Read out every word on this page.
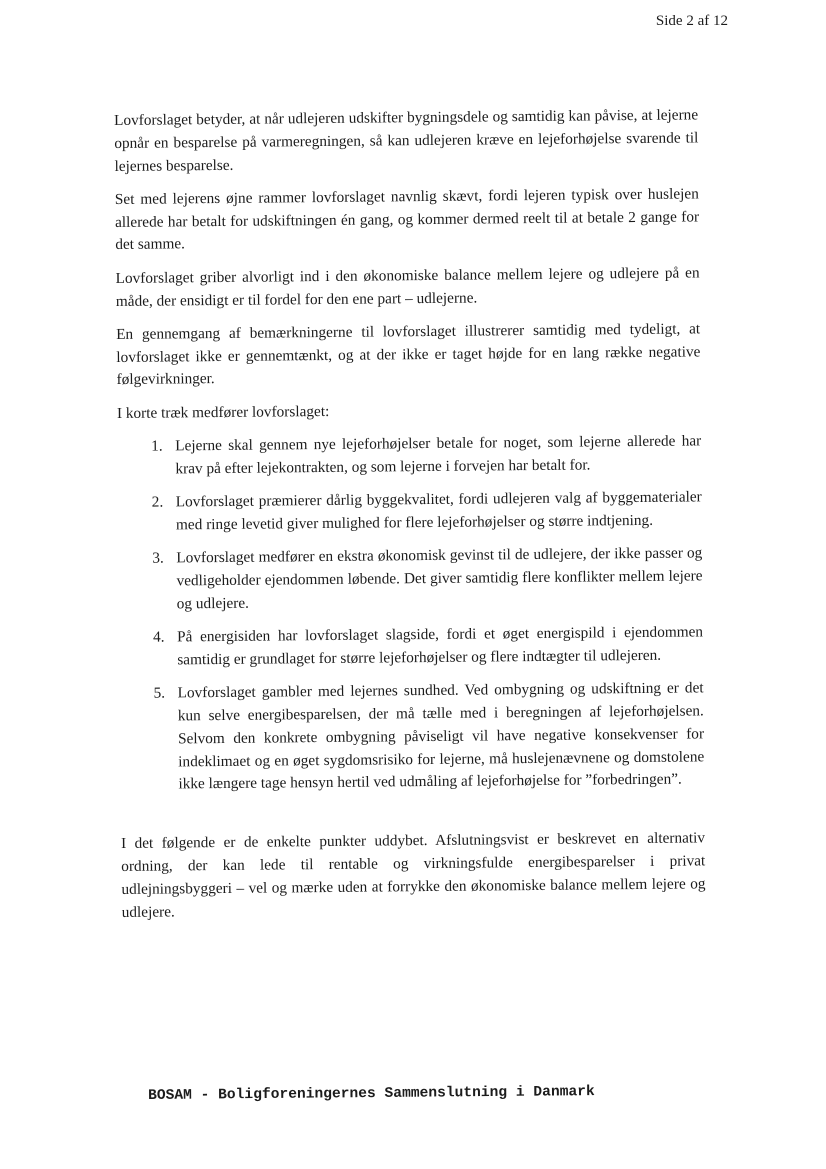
Side 2 af 12

Lovforslaget betyder, at når udlejeren udskifter bygningsdele og samtidig kan påvise, at lejerne opnår en besparelse på varmeregningen, så kan udlejeren kræve en lejeforhøjelse svarende til lejernes besparelse.

Set med lejerens øjne rammer lovforslaget navnlig skævt, fordi lejeren typisk over huslejen allerede har betalt for udskiftningen én gang, og kommer dermed reelt til at betale 2 gange for det samme.

Lovforslaget griber alvorligt ind i den økonomiske balance mellem lejere og udlejere på en måde, der ensidigt er til fordel for den ene part – udlejerne.

En gennemgang af bemærkningerne til lovforslaget illustrerer samtidig med tydeligt, at lovforslaget ikke er gennemtænkt, og at der ikke er taget højde for en lang række negative følgevirkninger.

I korte træk medfører lovforslaget:

1. Lejerne skal gennem nye lejeforhøjelser betale for noget, som lejerne allerede har krav på efter lejekontrakten, og som lejerne i forvejen har betalt for.
2. Lovforslaget præmierer dårlig byggekvalitet, fordi udlejeren valg af byggematerialer med ringe levetid giver mulighed for flere lejeforhøjelser og større indtjening.
3. Lovforslaget medfører en ekstra økonomisk gevinst til de udlejere, der ikke passer og vedligeholder ejendommen løbende. Det giver samtidig flere konflikter mellem lejere og udlejere.
4. På energisiden har lovforslaget slagside, fordi et øget energispild i ejendommen samtidig er grundlaget for større lejeforhøjelser og flere indtægter til udlejeren.
5. Lovforslaget gambler med lejernes sundhed. Ved ombygning og udskiftning er det kun selve energibesparelsen, der må tælle med i beregningen af lejeforhøjelsen. Selvom den konkrete ombygning påviseligt vil have negative konsekvenser for indeklimaet og en øget sygdomsrisiko for lejerne, må huslejenævnene og domstolene ikke længere tage hensyn hertil ved udmåling af lejeforhøjelse for ”forbedringen”.

I det følgende er de enkelte punkter uddybet. Afslutningsvist er beskrevet en alternativ ordning, der kan lede til rentable og virkningsfulde energibesparelser i privat udlejningsbyggeri – vel og mærke uden at forrykke den økonomiske balance mellem lejere og udlejere.

BOSAM - Boligforeningernes Sammenslutning i Danmark
